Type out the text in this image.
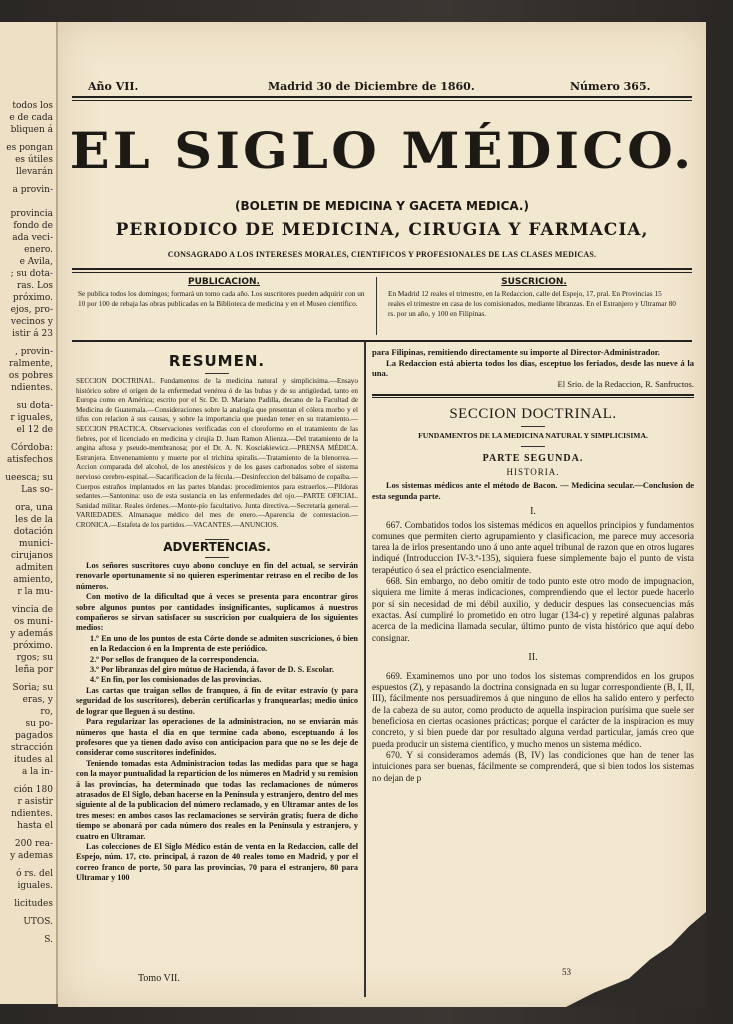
todos los
e de cada
bliquen á
es pongan
es útiles
llevarán
a provin-
provincia
fondo de
ada veci-
enero.
e Avila,
; su dota-
ras. Los
próximo.
ejos, pro-
vecinos y
istir á 23
, provin-
ralmente,
os pobres
ndientes.
su dota-
r iguales,
el 12 de
Córdoba:
atisfechos
ueesca; su
Las so-
ora, una
les de la
dotación
munici-
cirujanos
admiten
amiento,
r la mu-
vincia de
os muni-
y además
próximo.
rgos; su
leña por
Soria; su
eras, y
ro,
su po-
pagados
stracción
itudes al
a la in-
ción 180
r asistir
ndientes.
hasta el
200 rea-
y ademas
ó rs. del
iguales.
licitudes
UTOS.
S.
Año VII.	Madrid 30 de Diciembre de 1860.	Número 365.
EL SIGLO MÉDICO.
(BOLETIN DE MEDICINA Y GACETA MEDICA.)
PERIODICO DE MEDICINA, CIRUGIA Y FARMACIA,
CONSAGRADO A LOS INTERESES MORALES, CIENTIFICOS Y PROFESIONALES DE LAS CLASES MEDICAS.
PUBLICACION.

Se publica todos los domingos; formará un tomo cada año. Los suscritores pueden adquirir con un 10 por 100 de rebaja las obras publicadas en la Biblioteca de medicina y en el Museo científico.

SUSCRICION.

En Madrid 12 reales el trimestre, en la Redaccion, calle del Espejo, 17, pral. En Provincias 15 reales el trimestre en casa de los comisionados, mediante libranzas. En el Estranjero y Ultramar 80 rs. por un año, y 100 en Filipinas.

RESUMEN.
SECCION DOCTRINAL. Fundamentos de la medicina natural y simplicisima.—Ensayo histórico sobre el orígen de la enfermedad venérea ó de las bubas y de su antigüedad, tanto en Europa como en América; escrito por el Sr. Dr. D. Mariano Padilla, decano de la Facultad de Medicina de Guatemala.—Consideraciones sobre la analogía que presentan el cólera morbo y el tifus con relacion á sus causas, y sobre la importancia que puedan tener en su tratamiento.—SECCION PRACTICA. Observaciones verificadas con el cloroformo en el tratamiento de las fiebres, por el licenciado en medicina y cirujía D. Juan Ramon Alienza.—Del tratamiento de la angina aftosa y pseudo-membranosa; por el Dr. A. N. Kosciakiewicz.—PRENSA MÉDICA. Estranjera. Envenenamiento y muerte por el trichina spiralis.—Tratamiento de la blenorrea.—Accion comparada del alcohol, de los anestésicos y de los gases carbonados sobre el sistema nervioso cerebro-espinal.—Sacarificacion de la fécula.—Desinfeccion del bálsamo de copaiba.—Cuerpos estraños implantados en las partes blandas: procedimientos para estraerlos.—Píldoras sedantes.—Santonina: uso de esta sustancia en las enfermedades del ojo.—PARTE OFICIAL. Sanidad militar. Reales órdenes.—Monte-pío facultativo. Junta directiva.—Secretaría general.—VARIEDADES. Almanaque médico del mes de enero.—Aparencia de contestacion.—CRONICA.—Estafeta de los partidos.—VACANTES.—ANUNCIOS.
ADVERTENCIAS.

Los señores suscritores cuyo abono concluye en fin del actual, se servirán renovarle oportunamente si no quieren esperimentar retraso en el recibo de los números.

Con motivo de la dificultad que á veces se presenta para encontrar giros sobre algunos puntos por cantidades insignificantes, suplicamos á nuestros compañeros se sirvan satisfacer su suscricion por cualquiera de los siguientes medios:

1.º En uno de los puntos de esta Córte donde se admiten suscriciones, ó bien en la Redaccion ó en la Imprenta de este periódico.

2.º Por sellos de franqueo de la correspondencia.

3.º Por libranzas del giro mútuo de Hacienda, á favor de D. S. Escolar.

4.º En fin, por los comisionados de las provincias.

Las cartas que traigan sellos de franqueo, á fin de evitar estravío (y para seguridad de los suscritores), deberán certificarlas y franquearlas; medio único de lograr que lleguen á su destino.

Para regularizar las operaciones de la administracion, no se enviarán más números que hasta el dia en que termine cada abono, esceptuando á los profesores que ya tienen dado aviso con anticipacion para que no se les deje de considerar como suscritores indefinidos.

Teniendo tomadas esta Administracion todas las medidas para que se haga con la mayor puntualidad la reparticion de los números en Madrid y su remision á las provincias, ha determinado que todas las reclamaciones de números atrasados de El Siglo, deban hacerse en la Península y estranjero, dentro del mes siguiente al de la publicacion del número reclamado, y en Ultramar antes de los tres meses: en ambos casos las reclamaciones se servirán gratis; fuera de dicho tiempo se abonará por cada número dos reales en la Península y estranjero, y cuatro en Ultramar.

Las colecciones de El Siglo Médico están de venta en la Redaccion, calle del Espejo, núm. 17, cto. principal, á razon de 40 reales tomo en Madrid, y por el correo franco de porte, 50 para las provincias, 70 para el estranjero, 80 para Ultramar y 100

para Filipinas, remitiendo directamente su importe al Director-Administrador.

La Redaccion está abierta todos los dias, esceptuo los feriados, desde las nueve á la una.

El Srio. de la Redaccion, R. Sanfructos.

SECCION DOCTRINAL.
FUNDAMENTOS DE LA MEDICINA NATURAL Y SIMPLICISIMA.
PARTE SEGUNDA.
HISTORIA.

Los sistemas médicos ante el método de Bacon. — Medicina secular.—Conclusion de esta segunda parte.

I.

667. Combatidos todos los sistemas médicos en aquellos principios y fundamentos comunes que permiten cierto agrupamiento y clasificacion, me parece muy accesoria tarea la de irlos presentando uno á uno ante aquel tribunal de razon que en otros lugares indiqué (Introduccion IV-3.º-135), siquiera fuese simplemente bajo el punto de vista terapéutico ó sea el práctico esencialmente.

668. Sin embargo, no debo omitir de todo punto este otro modo de impugnacion, siquiera me limite á meras indicaciones, comprendiendo que el lector puede hacerlo por sí sin necesidad de mi débil auxilio, y deducir despues las consecuencias más exactas. Así cumpliré lo prometido en otro lugar (134-c) y repetiré algunas palabras acerca de la medicina llamada secular, último punto de vista histórico que aquí debo consignar.

II.

669. Examinemos uno por uno todos los sistemas comprendidos en los grupos espuestos (Z), y repasando la doctrina consignada en su lugar correspondiente (B, I, II, III), fácilmente nos persuadiremos á que ninguno de ellos ha salido entero y perfecto de la cabeza de su autor, como producto de aquella inspiracion purísima que suele ser beneficiosa en ciertas ocasiones prácticas; porque el carácter de la inspiracion es muy concreto, y si bien puede dar por resultado alguna verdad particular, jamás creo que pueda producir un sistema científico, y mucho menos un sistema médico.

670. Y si consideramos además (B, IV) las condiciones que han de tener las intuiciones para ser buenas, fácilmente se comprenderá, que si bien todos los sistemas no dejan de p

Tomo VII.
53
